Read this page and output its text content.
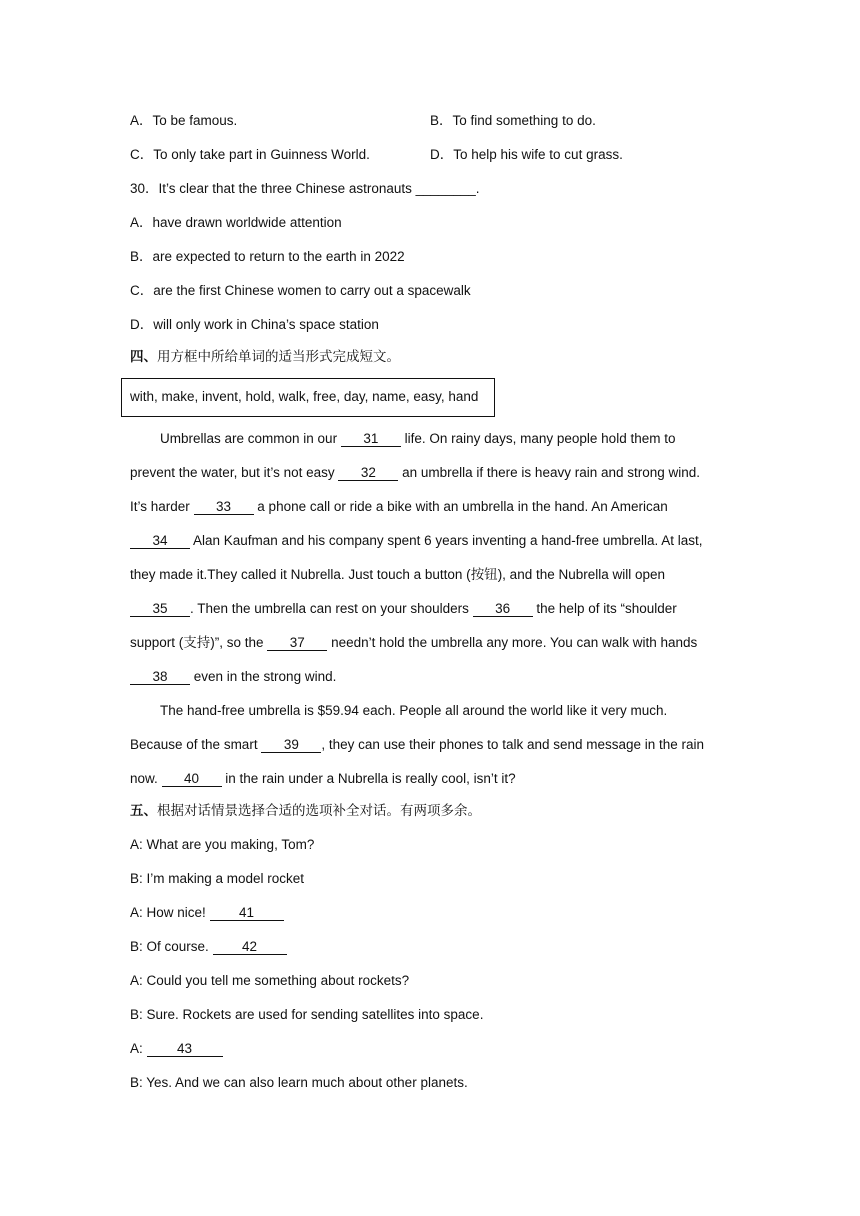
A．To be famous.	B．To find something to do.
C．To only take part in Guinness World.	D．To help his wife to cut grass.
30．It’s clear that the three Chinese astronauts ________.
A．have drawn worldwide attention
B．are expected to return to the earth in 2022
C．are the first Chinese women to carry out a spacewalk
D．will only work in China’s space station
四、用方框中所给单词的适当形式完成短文。
with, make, invent, hold, walk, free, day, name, easy, hand
Umbrellas are common in our 31 life. On rainy days, many people hold them to
prevent the water, but it’s not easy 32 an umbrella if there is heavy rain and strong wind.
It’s harder 33 a phone call or ride a bike with an umbrella in the hand. An American
34 Alan Kaufman and his company spent 6 years inventing a hand-free umbrella. At last,
they made it.They called it Nubrella. Just touch a button (按钮), and the Nubrella will open
35 . Then the umbrella can rest on your shoulders 36 the help of its “shoulder
support (支持)”, so the 37 needn’t hold the umbrella any more. You can walk with hands
38 even in the strong wind.
The hand-free umbrella is $59.94 each. People all around the world like it very much.
Because of the smart 39 , they can use their phones to talk and send message in the rain
now. 40 in the rain under a Nubrella is really cool, isn’t it?
五、根据对话情景选择合适的选项补全对话。有两项多余。
A: What are you making, Tom?
B: I’m making a model rocket
A: How nice! 41
B: Of course. 42
A: Could you tell me something about rockets?
B: Sure. Rockets are used for sending satellites into space.
A: 43
B: Yes. And we can also learn much about other planets.
